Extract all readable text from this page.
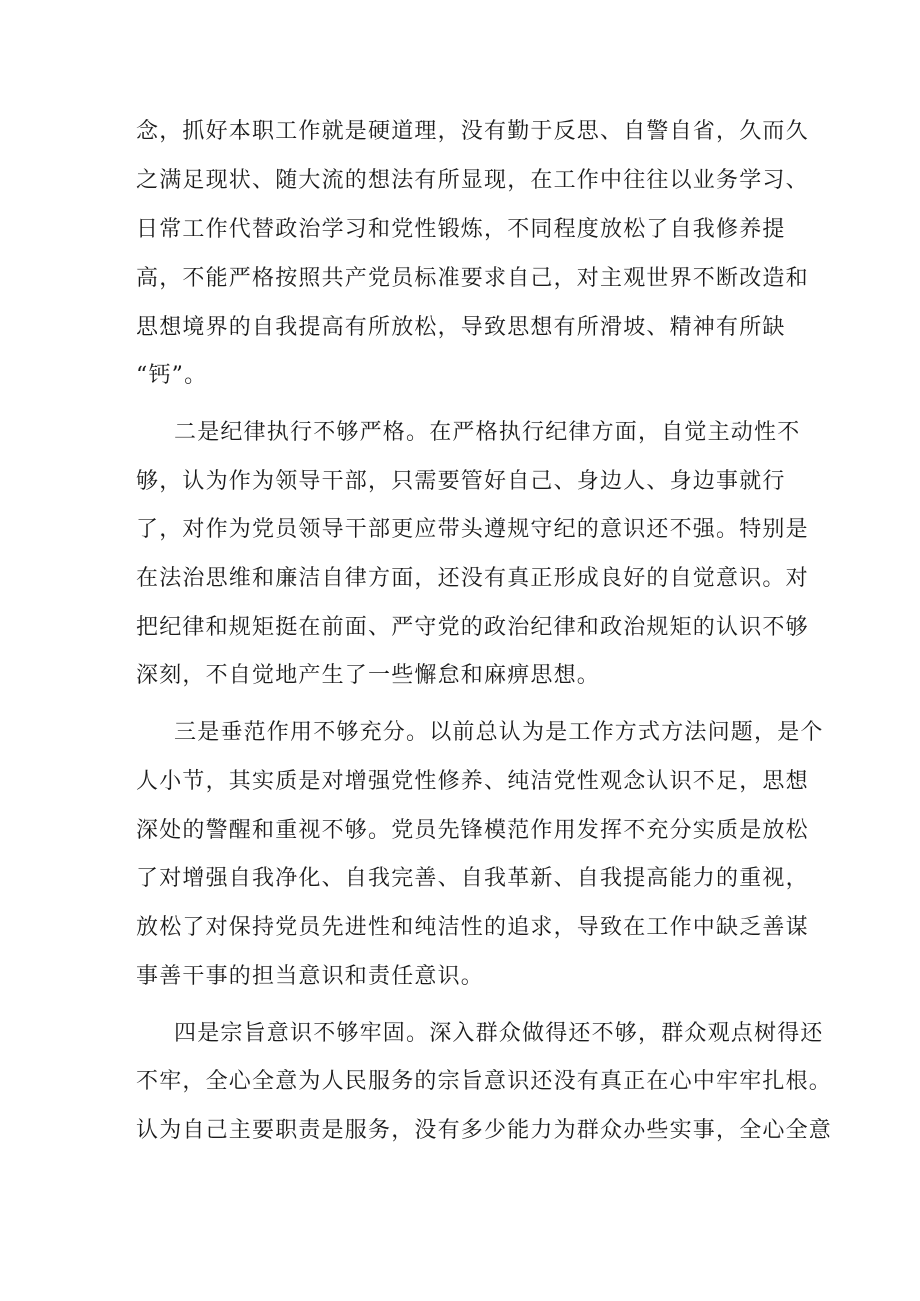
念，抓好本职工作就是硬道理，没有勤于反思、自警自省，久而久
之满足现状、随大流的想法有所显现，在工作中往往以业务学习、
日常工作代替政治学习和党性锻炼，不同程度放松了自我修养提
高，不能严格按照共产党员标准要求自己，对主观世界不断改造和
思想境界的自我提高有所放松，导致思想有所滑坡、精神有所缺
“钙”。
二是纪律执行不够严格。在严格执行纪律方面，自觉主动性不
够，认为作为领导干部，只需要管好自己、身边人、身边事就行
了，对作为党员领导干部更应带头遵规守纪的意识还不强。特别是
在法治思维和廉洁自律方面，还没有真正形成良好的自觉意识。对
把纪律和规矩挺在前面、严守党的政治纪律和政治规矩的认识不够
深刻，不自觉地产生了一些懈怠和麻痹思想。
三是垂范作用不够充分。以前总认为是工作方式方法问题，是个
人小节，其实质是对增强党性修养、纯洁党性观念认识不足，思想
深处的警醒和重视不够。党员先锋模范作用发挥不充分实质是放松
了对增强自我净化、自我完善、自我革新、自我提高能力的重视，
放松了对保持党员先进性和纯洁性的追求，导致在工作中缺乏善谋
事善干事的担当意识和责任意识。
四是宗旨意识不够牢固。深入群众做得还不够，群众观点树得还
不牢，全心全意为人民服务的宗旨意识还没有真正在心中牢牢扎根。
认为自己主要职责是服务，没有多少能力为群众办些实事，全心全意
